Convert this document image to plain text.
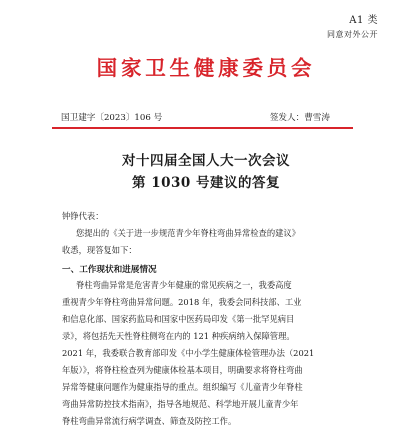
A1 类
同意对外公开
国家卫生健康委员会
国卫建字〔2023〕106 号	签发人：曹雪涛
对十四届全国人大一次会议
第 1030 号建议的答复
钟铮代表：
您提出的《关于进一步规范青少年脊柱弯曲异常检查的建议》
收悉，现答复如下：
一、工作现状和进展情况
脊柱弯曲异常是危害青少年健康的常见疾病之一，我委高度
重视青少年脊柱弯曲异常问题。2018 年，我委会同科技部、工业
和信息化部、国家药监局和国家中医药局印发《第一批罕见病目
录》，将包括先天性脊柱侧弯在内的 121 种疾病纳入保障管理。
2021 年，我委联合教育部印发《中小学生健康体检管理办法（2021
年版）》，将脊柱检查列为健康体检基本项目，明确要求将脊柱弯曲
异常等健康问题作为健康指导的重点。组织编写《儿童青少年脊柱
弯曲异常防控技术指南》，指导各地规范、科学地开展儿童青少年
脊柱弯曲异常流行病学调查、筛查及防控工作。
